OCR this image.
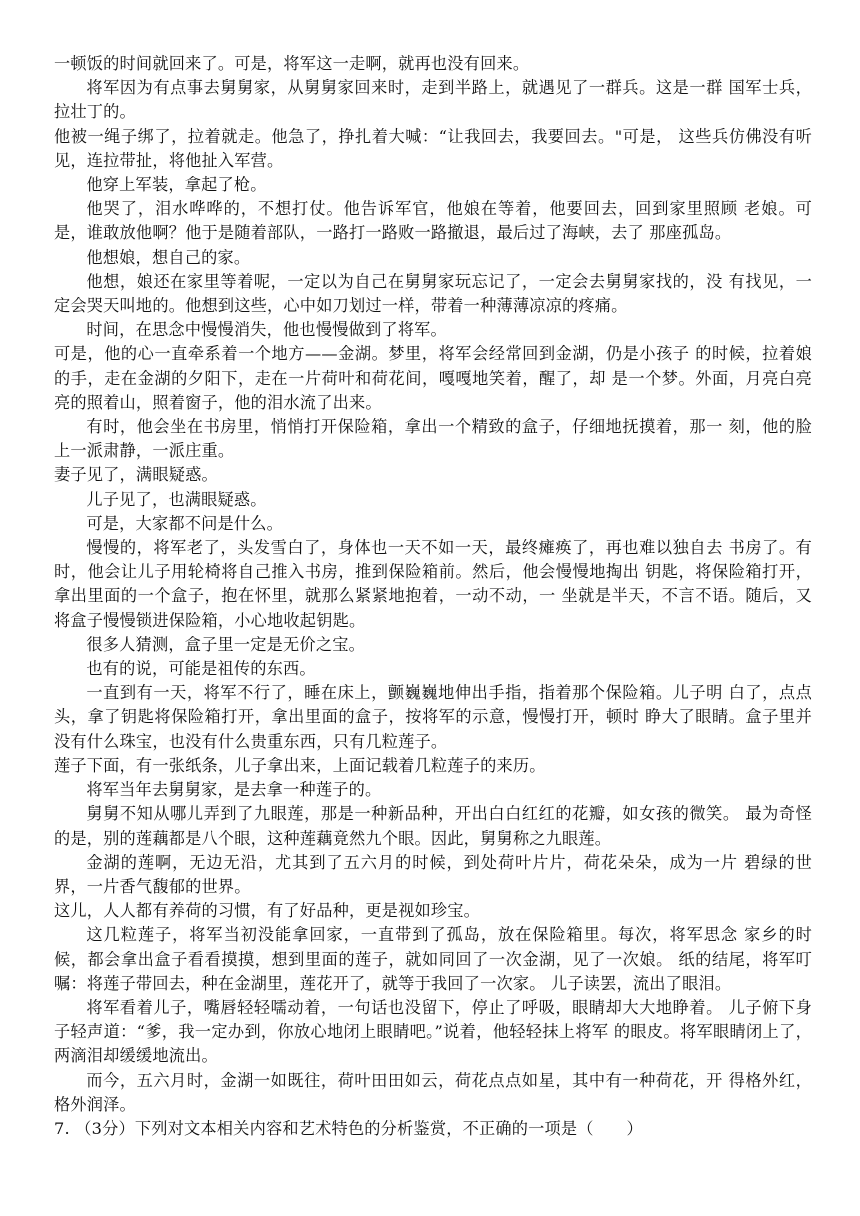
一顿饭的时间就回来了。可是，将军这一走啊，就再也没有回来。

将军因为有点事去舅舅家，从舅舅家回来时，走到半路上，就遇见了一群兵。这是一群 国军士兵，拉壮丁的。

他被一绳子绑了，拉着就走。他急了，挣扎着大喊：“让我回去，我要回去。"可是， 这些兵仿佛没有听见，连拉带扯，将他扯入军营。

他穿上军装，拿起了枪。

他哭了，泪水哗哗的，不想打仗。他告诉军官，他娘在等着，他要回去，回到家里照顾 老娘。可是，谁敢放他啊？他于是随着部队，一路打一路败一路撤退，最后过了海峡，去了 那座孤岛。

他想娘，想自己的家。

他想，娘还在家里等着呢，一定以为自己在舅舅家玩忘记了，一定会去舅舅家找的，没 有找见，一定会哭天叫地的。他想到这些，心中如刀划过一样，带着一种薄薄凉凉的疼痛。

时间，在思念中慢慢消失，他也慢慢做到了将军。

可是，他的心一直牵系着一个地方——金湖。梦里，将军会经常回到金湖，仍是小孩子 的时候，拉着娘的手，走在金湖的夕阳下，走在一片荷叶和荷花间，嘎嘎地笑着，醒了，却 是一个梦。外面，月亮白亮亮的照着山，照着窗子，他的泪水流了出来。

有时，他会坐在书房里，悄悄打开保险箱，拿出一个精致的盒子，仔细地抚摸着，那一 刻，他的脸上一派肃静，一派庄重。

妻子见了，满眼疑惑。

儿子见了，也满眼疑惑。

可是，大家都不问是什么。

慢慢的，将军老了，头发雪白了，身体也一天不如一天，最终瘫痪了，再也难以独自去 书房了。有时，他会让儿子用轮椅将自己推入书房，推到保险箱前。然后，他会慢慢地掏出 钥匙，将保险箱打开，拿出里面的一个盒子，抱在怀里，就那么紧紧地抱着，一动不动，一 坐就是半天，不言不语。随后，又将盒子慢慢锁进保险箱，小心地收起钥匙。

很多人猜测，盒子里一定是无价之宝。

也有的说，可能是祖传的东西。

一直到有一天，将军不行了，睡在床上，颤巍巍地伸出手指，指着那个保险箱。儿子明 白了，点点头，拿了钥匙将保险箱打开，拿出里面的盒子，按将军的示意，慢慢打开，顿时 睁大了眼睛。盒子里并没有什么珠宝，也没有什么贵重东西，只有几粒莲子。

莲子下面，有一张纸条，儿子拿出来，上面记载着几粒莲子的来历。

将军当年去舅舅家，是去拿一种莲子的。

舅舅不知从哪儿弄到了九眼莲，那是一种新品种，开出白白红红的花瓣，如女孩的微笑。 最为奇怪的是，别的莲藕都是八个眼，这种莲藕竟然九个眼。因此，舅舅称之九眼莲。

金湖的莲啊，无边无沿，尤其到了五六月的时候，到处荷叶片片，荷花朵朵，成为一片 碧绿的世界，一片香气馥郁的世界。

这儿，人人都有养荷的习惯，有了好品种，更是视如珍宝。

这几粒莲子，将军当初没能拿回家，一直带到了孤岛，放在保险箱里。每次，将军思念 家乡的时候，都会拿出盒子看看摸摸，想到里面的莲子，就如同回了一次金湖，见了一次娘。 纸的结尾，将军叮嘱：将莲子带回去，种在金湖里，莲花开了，就等于我回了一次家。 儿子读罢，流出了眼泪。

将军看着儿子，嘴唇轻轻嚅动着，一句话也没留下，停止了呼吸，眼睛却大大地睁着。 儿子俯下身子轻声道：“爹，我一定办到，你放心地闭上眼睛吧。”说着，他轻轻抹上将军 的眼皮。将军眼睛闭上了，两滴泪却缓缓地流出。

而今，五六月时，金湖一如既往，荷叶田田如云，荷花点点如星，其中有一种荷花，开 得格外红，格外润泽。

7. （3分）下列对文本相关内容和艺术特色的分析鉴赏，不正确的一项是（　　）
